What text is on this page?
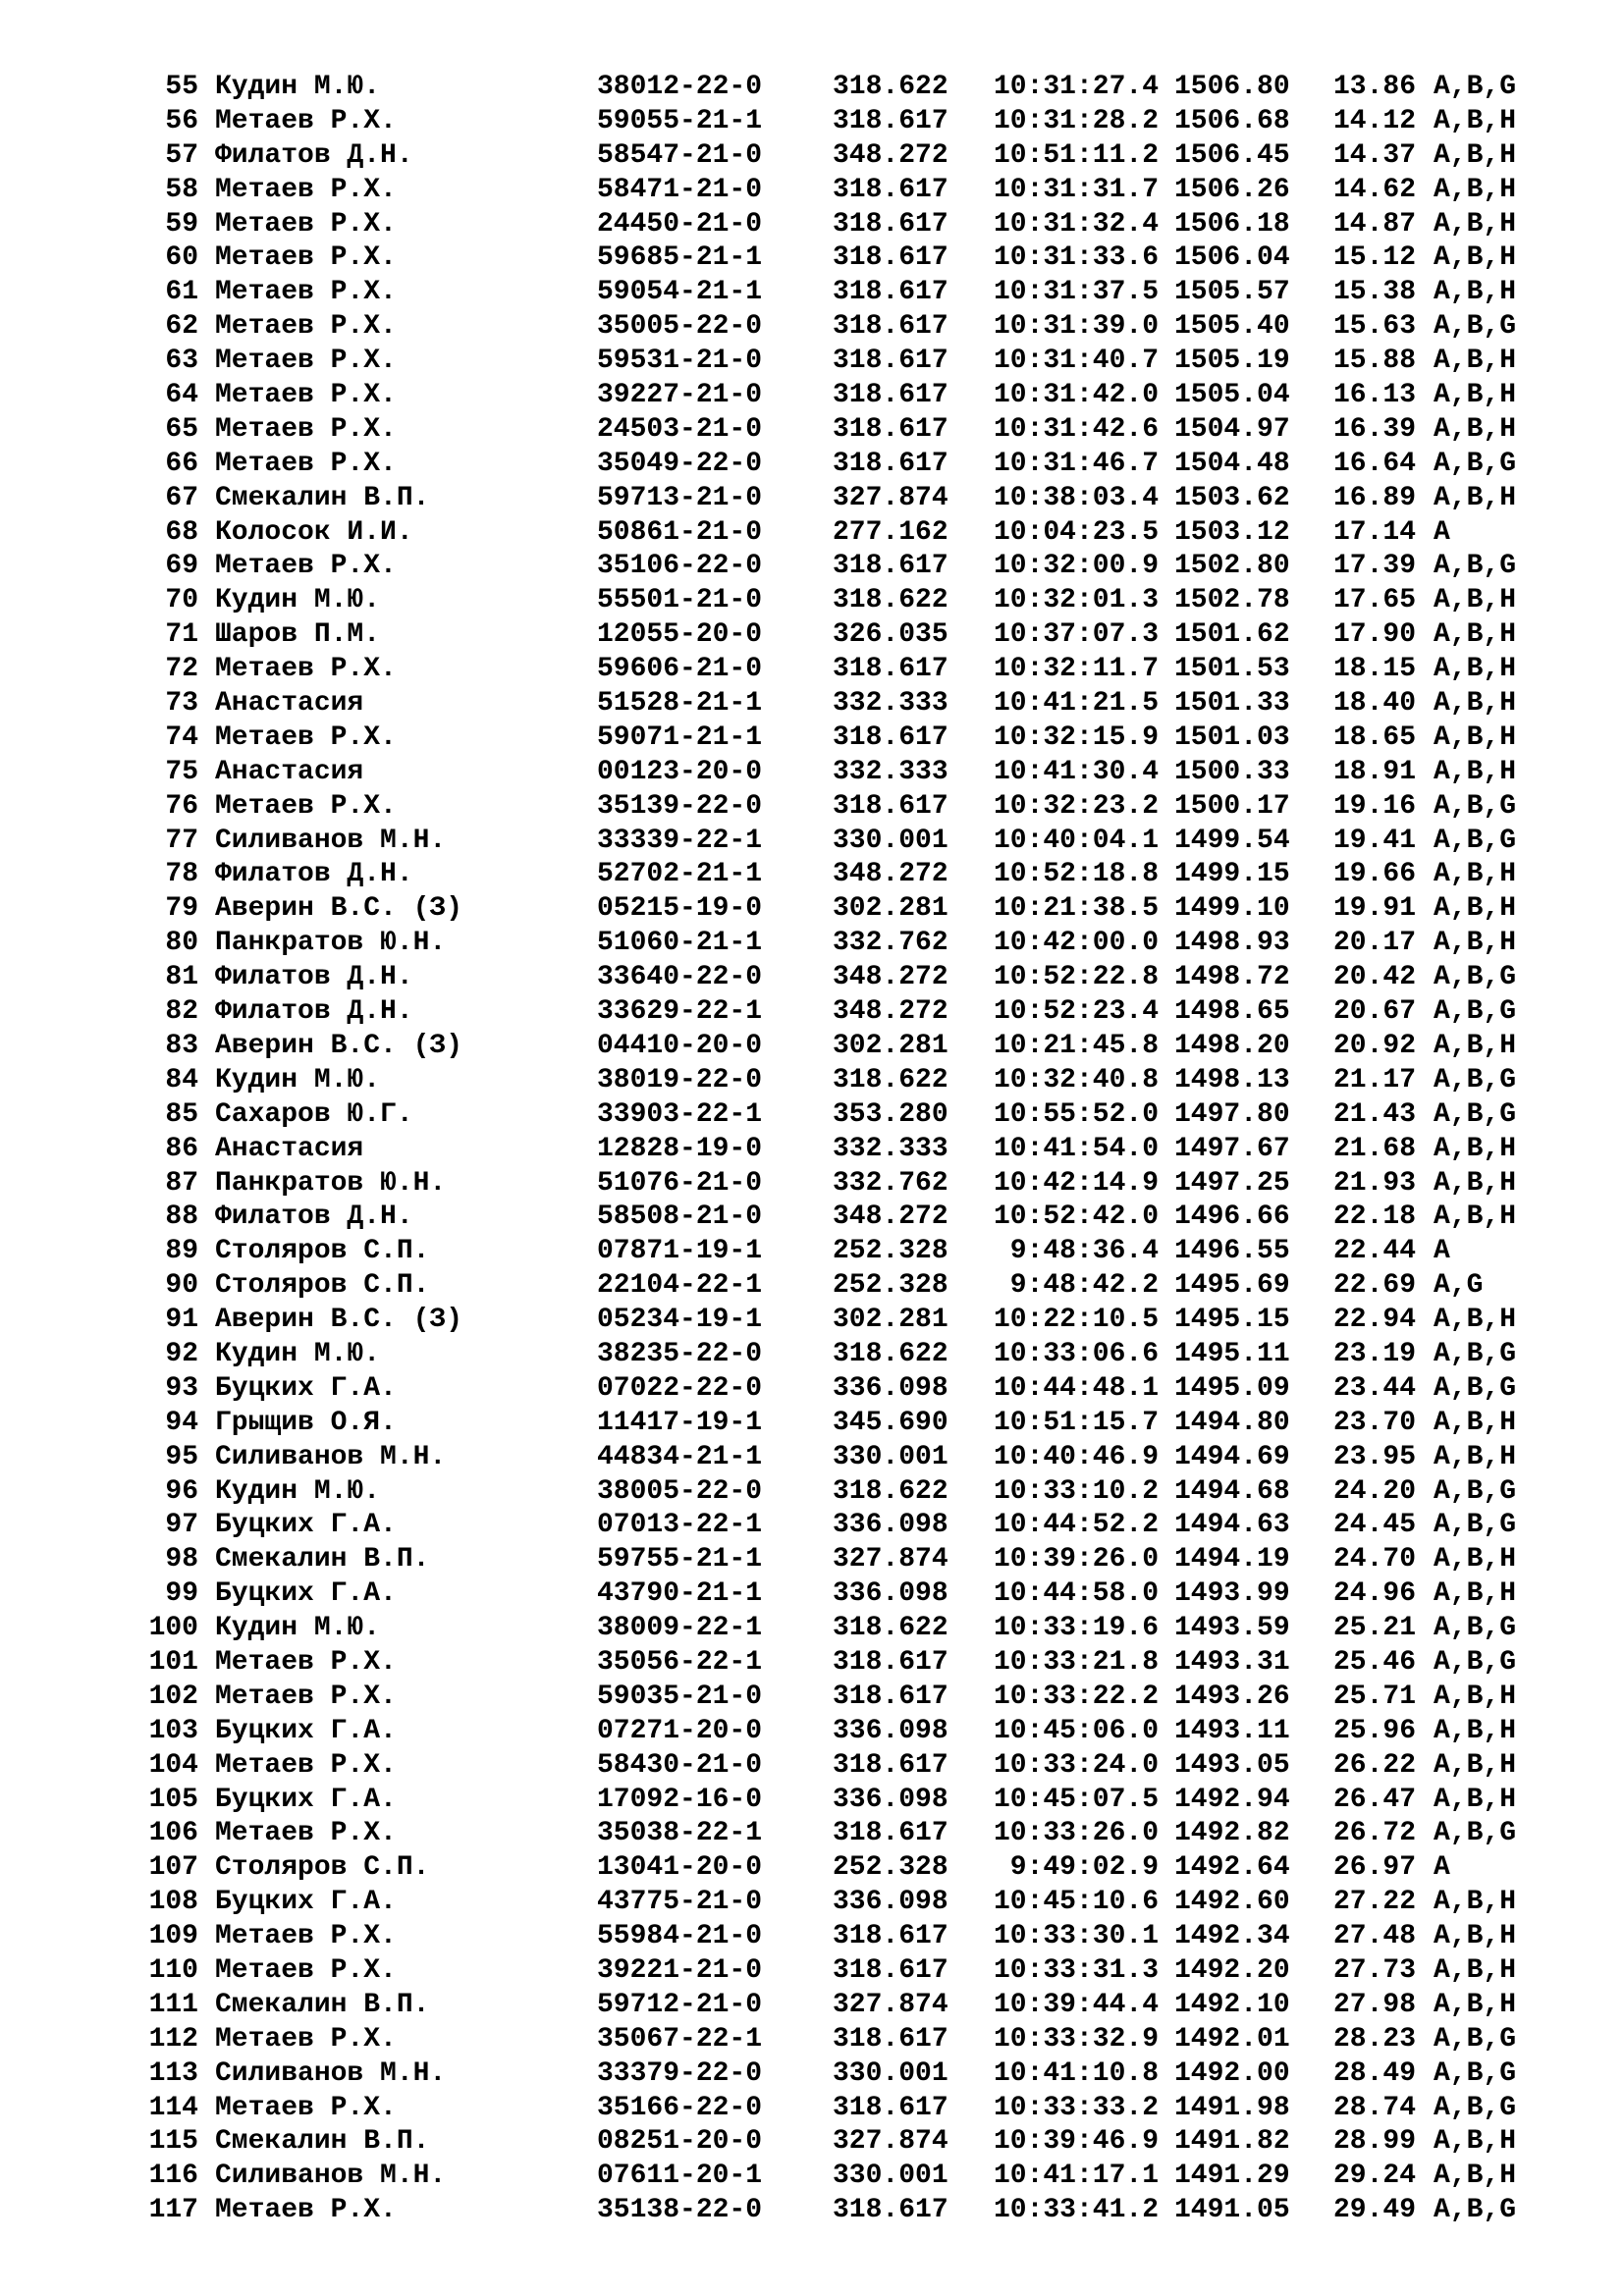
55 Кудин М.Ю.	38012-22-0	318.622	10:31:27.4 1506.80 13.86 A,B,G
56 Метаев Р.Х.	59055-21-1	318.617	10:31:28.2 1506.68 14.12 A,B,H
57 Филатов Д.Н.	58547-21-0	348.272	10:51:11.2 1506.45 14.37 A,B,H
58 Метаев Р.Х.	58471-21-0	318.617	10:31:31.7 1506.26 14.62 A,B,H
59 Метаев Р.Х.	24450-21-0	318.617	10:31:32.4 1506.18 14.87 A,B,H
60 Метаев Р.Х.	59685-21-1	318.617	10:31:33.6 1506.04 15.12 A,B,H
61 Метаев Р.Х.	59054-21-1	318.617	10:31:37.5 1505.57 15.38 A,B,H
62 Метаев Р.Х.	35005-22-0	318.617	10:31:39.0 1505.40 15.63 A,B,G
63 Метаев Р.Х.	59531-21-0	318.617	10:31:40.7 1505.19 15.88 A,B,H
64 Метаев Р.Х.	39227-21-0	318.617	10:31:42.0 1505.04 16.13 A,B,H
65 Метаев Р.Х.	24503-21-0	318.617	10:31:42.6 1504.97 16.39 A,B,H
66 Метаев Р.Х.	35049-22-0	318.617	10:31:46.7 1504.48 16.64 A,B,G
67 Смекалин В.П.	59713-21-0	327.874	10:38:03.4 1503.62 16.89 A,B,H
68 Колосок И.И.	50861-21-0	277.162	10:04:23.5 1503.12 17.14 A
69 Метаев Р.Х.	35106-22-0	318.617	10:32:00.9 1502.80 17.39 A,B,G
70 Кудин М.Ю.	55501-21-0	318.622	10:32:01.3 1502.78 17.65 A,B,H
71 Шаров П.М.	12055-20-0	326.035	10:37:07.3 1501.62 17.90 A,B,H
72 Метаев Р.Х.	59606-21-0	318.617	10:32:11.7 1501.53 18.15 A,B,H
73 Анастасия	51528-21-1	332.333	10:41:21.5 1501.33 18.40 A,B,H
74 Метаев Р.Х.	59071-21-1	318.617	10:32:15.9 1501.03 18.65 A,B,H
75 Анастасия	00123-20-0	332.333	10:41:30.4 1500.33 18.91 A,B,H
76 Метаев Р.Х.	35139-22-0	318.617	10:32:23.2 1500.17 19.16 A,B,G
77 Силиванов М.Н.	33339-22-1	330.001	10:40:04.1 1499.54 19.41 A,B,G
78 Филатов Д.Н.	52702-21-1	348.272	10:52:18.8 1499.15 19.66 A,B,H
79 Аверин В.С. (З)	05215-19-0	302.281	10:21:38.5 1499.10 19.91 A,B,H
80 Панкратов Ю.Н.	51060-21-1	332.762	10:42:00.0 1498.93 20.17 A,B,H
81 Филатов Д.Н.	33640-22-0	348.272	10:52:22.8 1498.72 20.42 A,B,G
82 Филатов Д.Н.	33629-22-1	348.272	10:52:23.4 1498.65 20.67 A,B,G
83 Аверин В.С. (З)	04410-20-0	302.281	10:21:45.8 1498.20 20.92 A,B,H
84 Кудин М.Ю.	38019-22-0	318.622	10:32:40.8 1498.13 21.17 A,B,G
85 Сахаров Ю.Г.	33903-22-1	353.280	10:55:52.0 1497.80 21.43 A,B,G
86 Анастасия	12828-19-0	332.333	10:41:54.0 1497.67 21.68 A,B,H
87 Панкратов Ю.Н.	51076-21-0	332.762	10:42:14.9 1497.25 21.93 A,B,H
88 Филатов Д.Н.	58508-21-0	348.272	10:52:42.0 1496.66 22.18 A,B,H
89 Столяров С.П.	07871-19-1	252.328	9:48:36.4 1496.55 22.44 A
90 Столяров С.П.	22104-22-1	252.328	9:48:42.2 1495.69 22.69 A,G
91 Аверин В.С. (З)	05234-19-1	302.281	10:22:10.5 1495.15 22.94 A,B,H
92 Кудин М.Ю.	38235-22-0	318.622	10:33:06.6 1495.11 23.19 A,B,G
93 Буцких Г.А.	07022-22-0	336.098	10:44:48.1 1495.09 23.44 A,B,G
94 Грыщив О.Я.	11417-19-1	345.690	10:51:15.7 1494.80 23.70 A,B,H
95 Силиванов М.Н.	44834-21-1	330.001	10:40:46.9 1494.69 23.95 A,B,H
96 Кудин М.Ю.	38005-22-0	318.622	10:33:10.2 1494.68 24.20 A,B,G
97 Буцких Г.А.	07013-22-1	336.098	10:44:52.2 1494.63 24.45 A,B,G
98 Смекалин В.П.	59755-21-1	327.874	10:39:26.0 1494.19 24.70 A,B,H
99 Буцких Г.А.	43790-21-1	336.098	10:44:58.0 1493.99 24.96 A,B,H
100 Кудин М.Ю.	38009-22-1	318.622	10:33:19.6 1493.59 25.21 A,B,G
101 Метаев Р.Х.	35056-22-1	318.617	10:33:21.8 1493.31 25.46 A,B,G
102 Метаев Р.Х.	59035-21-0	318.617	10:33:22.2 1493.26 25.71 A,B,H
103 Буцких Г.А.	07271-20-0	336.098	10:45:06.0 1493.11 25.96 A,B,H
104 Метаев Р.Х.	58430-21-0	318.617	10:33:24.0 1493.05 26.22 A,B,H
105 Буцких Г.А.	17092-16-0	336.098	10:45:07.5 1492.94 26.47 A,B,H
106 Метаев Р.Х.	35038-22-1	318.617	10:33:26.0 1492.82 26.72 A,B,G
107 Столяров С.П.	13041-20-0	252.328	9:49:02.9 1492.64 26.97 A
108 Буцких Г.А.	43775-21-0	336.098	10:45:10.6 1492.60 27.22 A,B,H
109 Метаев Р.Х.	55984-21-0	318.617	10:33:30.1 1492.34 27.48 A,B,H
110 Метаев Р.Х.	39221-21-0	318.617	10:33:31.3 1492.20 27.73 A,B,H
111 Смекалин В.П.	59712-21-0	327.874	10:39:44.4 1492.10 27.98 A,B,H
112 Метаев Р.Х.	35067-22-1	318.617	10:33:32.9 1492.01 28.23 A,B,G
113 Силиванов М.Н.	33379-22-0	330.001	10:41:10.8 1492.00 28.49 A,B,G
114 Метаев Р.Х.	35166-22-0	318.617	10:33:33.2 1491.98 28.74 A,B,G
115 Смекалин В.П.	08251-20-0	327.874	10:39:46.9 1491.82 28.99 A,B,H
116 Силиванов М.Н.	07611-20-1	330.001	10:41:17.1 1491.29 29.24 A,B,H
117 Метаев Р.Х.	35138-22-0	318.617	10:33:41.2 1491.05 29.49 A,B,G
